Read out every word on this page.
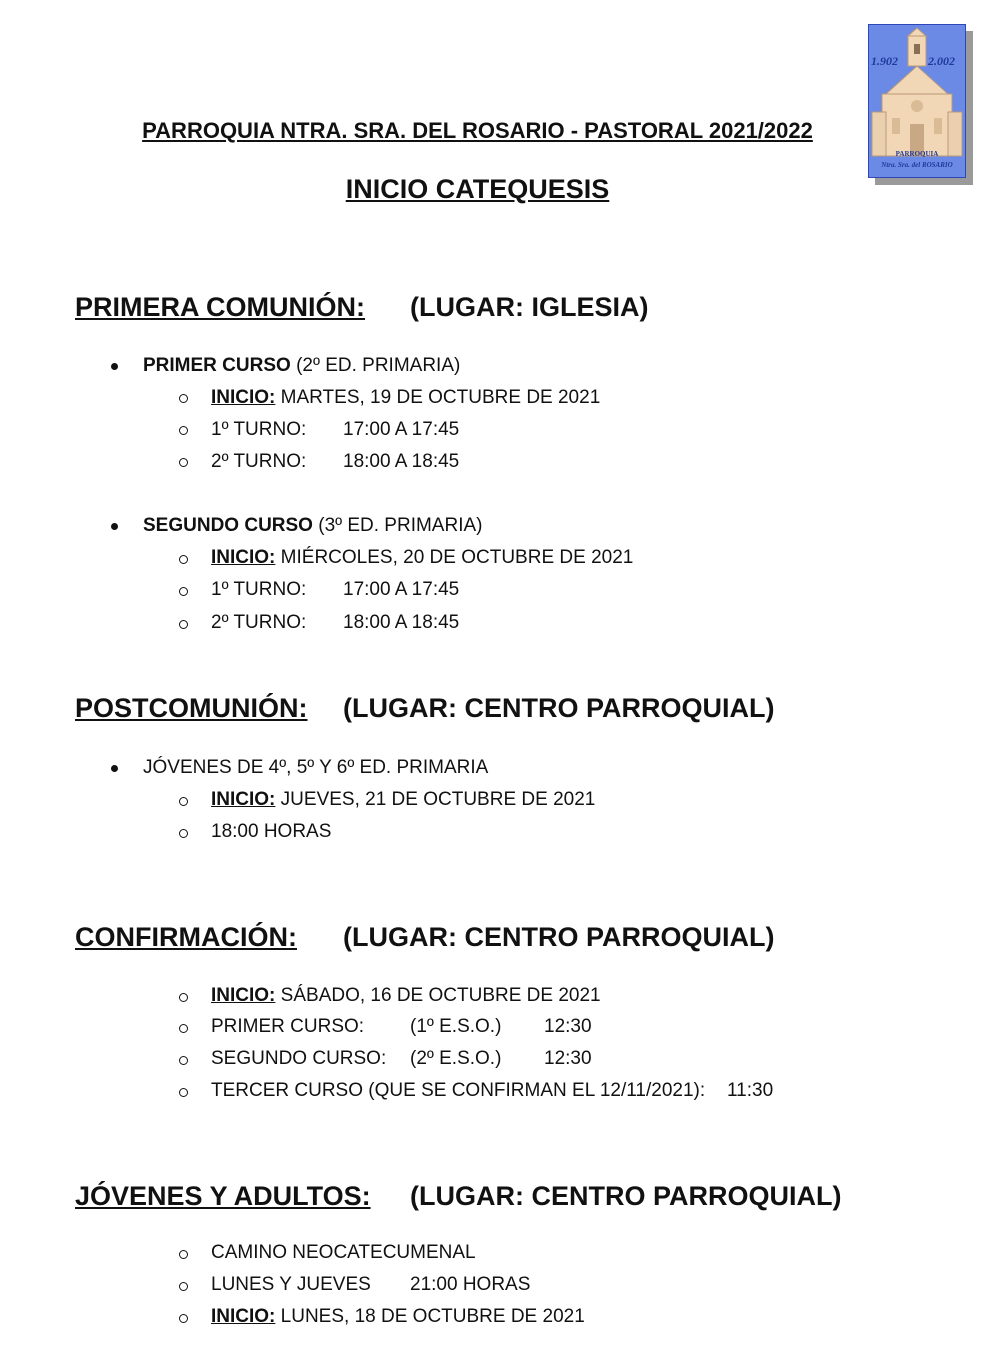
1.902	2.002
PARROQUIA
Ntra. Sra. del ROSARIO
PARROQUIA NTRA. SRA. DEL ROSARIO - PASTORAL 2021/2022
INICIO CATEQUESIS
PRIMERA COMUNIÓN: (LUGAR: IGLESIA)
PRIMER CURSO (2º ED. PRIMARIA)
INICIO: MARTES, 19 DE OCTUBRE DE 2021
1º TURNO: 17:00 A 17:45
2º TURNO: 18:00 A 18:45
SEGUNDO CURSO (3º ED. PRIMARIA)
INICIO: MIÉRCOLES, 20 DE OCTUBRE DE 2021
1º TURNO: 17:00 A 17:45
2º TURNO: 18:00 A 18:45
POSTCOMUNIÓN: (LUGAR: CENTRO PARROQUIAL)
JÓVENES DE 4º, 5º Y 6º ED. PRIMARIA
INICIO: JUEVES, 21 DE OCTUBRE DE 2021
18:00 HORAS
CONFIRMACIÓN: (LUGAR: CENTRO PARROQUIAL)
INICIO: SÁBADO, 16 DE OCTUBRE DE 2021
PRIMER CURSO: (1º E.S.O.) 12:30
SEGUNDO CURSO: (2º E.S.O.) 12:30
TERCER CURSO (QUE SE CONFIRMAN EL 12/11/2021): 11:30
JÓVENES Y ADULTOS: (LUGAR: CENTRO PARROQUIAL)
CAMINO NEOCATECUMENAL
LUNES Y JUEVES 21:00 HORAS
INICIO: LUNES, 18 DE OCTUBRE DE 2021
